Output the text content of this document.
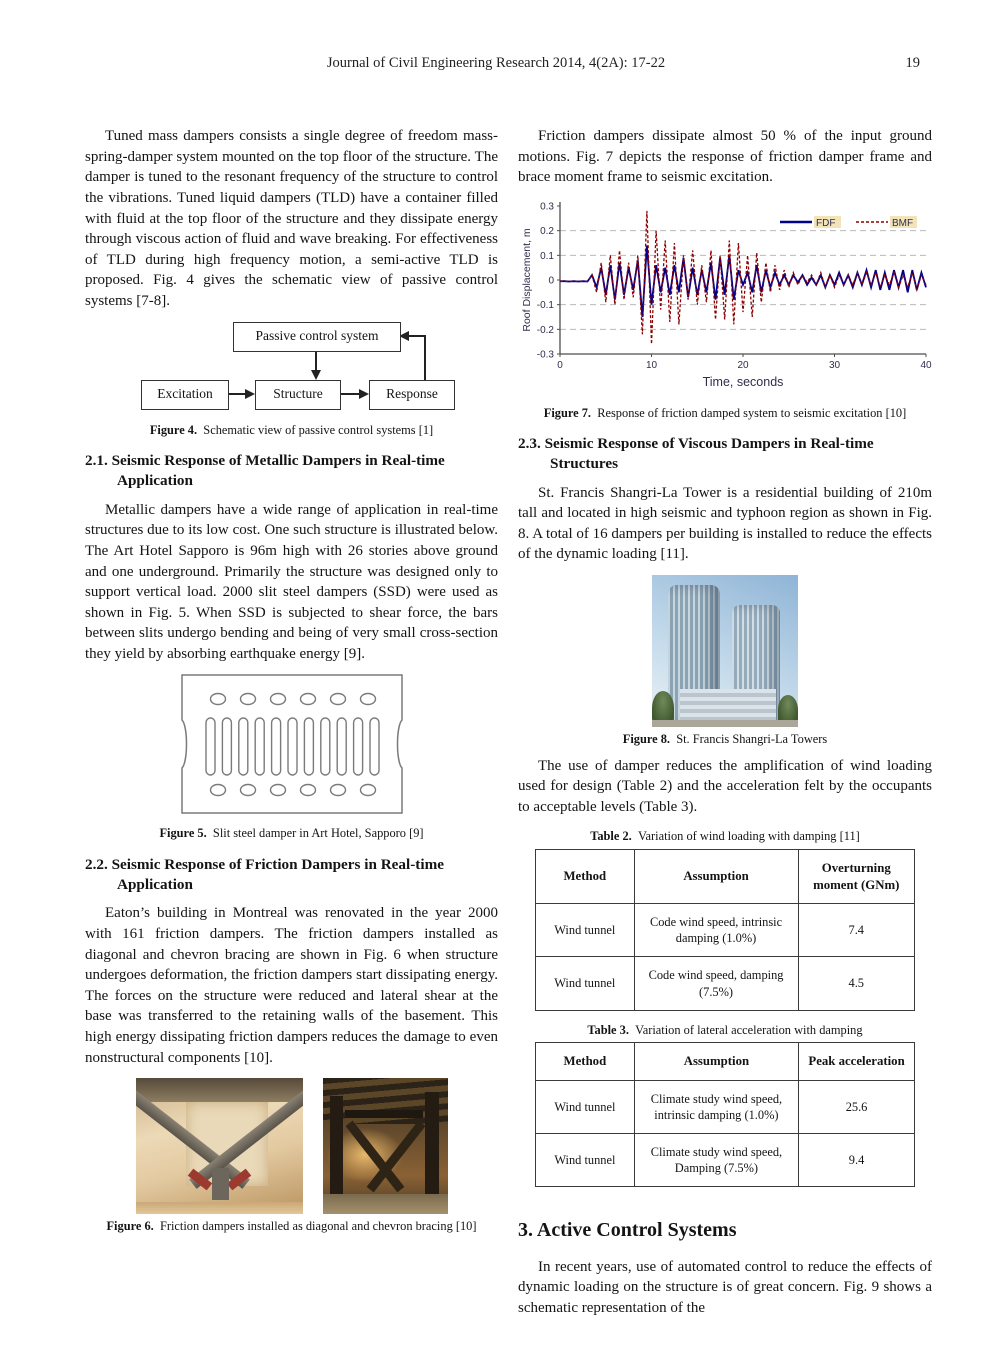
Journal of Civil Engineering Research 2014, 4(2A): 17-22	19

Tuned mass dampers consists a single degree of freedom mass-spring-damper system mounted on the top floor of the structure. The damper is tuned to the resonant frequency of the structure to control the vibrations. Tuned liquid dampers (TLD) have a container filled with fluid at the top floor of the structure and they dissipate energy through viscous action of fluid and wave breaking. For effectiveness of TLD during high frequency motion, a semi-active TLD is proposed. Fig. 4 gives the schematic view of passive control systems [7-8].

Passive control system
Excitation	Structure	Response

Figure 4. Schematic view of passive control systems [1]

2.1. Seismic Response of Metallic Dampers in Real-time Application

Metallic dampers have a wide range of application in real-time structures due to its low cost. One such structure is illustrated below. The Art Hotel Sapporo is 96m high with 26 stories above ground and one underground. Primarily the structure was designed only to support vertical load. 2000 slit steel dampers (SSD) were used as shown in Fig. 5. When SSD is subjected to shear force, the bars between slits undergo bending and being of very small cross-section they yield by absorbing earthquake energy [9].

Figure 5. Slit steel damper in Art Hotel, Sapporo [9]

2.2. Seismic Response of Friction Dampers in Real-time Application

Eaton’s building in Montreal was renovated in the year 2000 with 161 friction dampers. The friction dampers installed as diagonal and chevron bracing are shown in Fig. 6 when structure undergoes deformation, the friction dampers start dissipating energy. The forces on the structure were reduced and lateral shear at the base was transferred to the retaining walls of the basement. This high energy dissipating friction dampers reduces the damage to even nonstructural components [10].

Figure 6. Friction dampers installed as diagonal and chevron bracing [10]

Friction dampers dissipate almost 50 % of the input ground motions. Fig. 7 depicts the response of friction damper frame and brace moment frame to seismic excitation.

0.3
0.2
0.1
0
-0.1
-0.2
-0.3
0	10	20	30	40
Time, seconds
Roof Displacement, m
FDF	BMF

Figure 7. Response of friction damped system to seismic excitation [10]

2.3. Seismic Response of Viscous Dampers in Real-time Structures

St. Francis Shangri-La Tower is a residential building of 210m tall and located in high seismic and typhoon region as shown in Fig. 8. A total of 16 dampers per building is installed to reduce the effects of the dynamic loading [11].

Figure 8. St. Francis Shangri-La Towers

The use of damper reduces the amplification of wind loading used for design (Table 2) and the acceleration felt by the occupants to acceptable levels (Table 3).

Table 2. Variation of wind loading with damping [11]

Method	Assumption	Overturning moment (GNm)
Wind tunnel	Code wind speed, intrinsic damping (1.0%)	7.4
Wind tunnel	Code wind speed, damping (7.5%)	4.5

Table 3. Variation of lateral acceleration with damping

Method	Assumption	Peak acceleration
Wind tunnel	Climate study wind speed, intrinsic damping (1.0%)	25.6
Wind tunnel	Climate study wind speed, Damping (7.5%)	9.4
3. Active Control Systems

In recent years, use of automated control to reduce the effects of dynamic loading on the structure is of great concern. Fig. 9 shows a schematic representation of the
